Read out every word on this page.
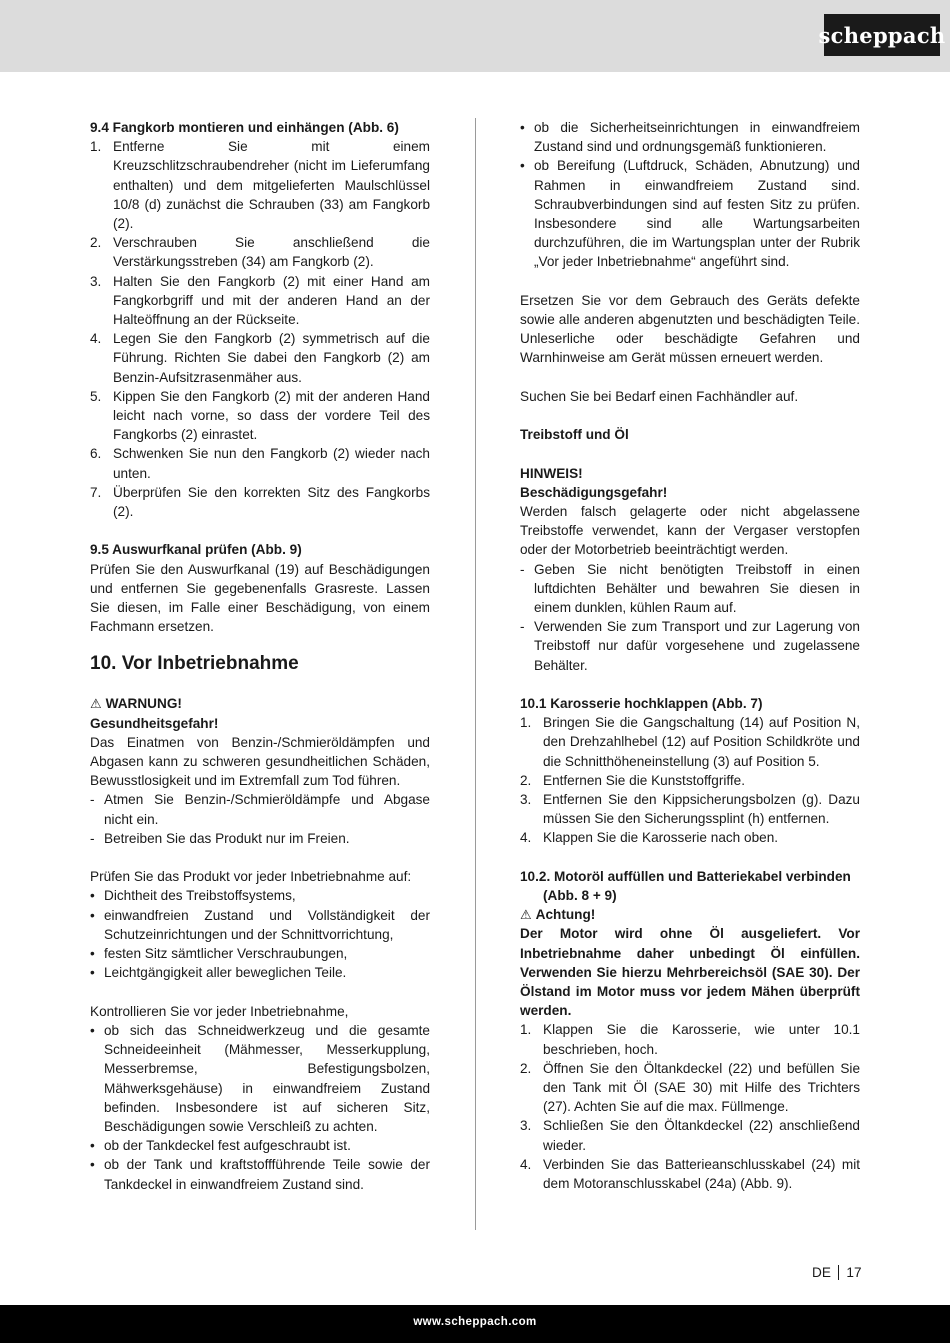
scheppach
9.4 Fangkorb montieren und einhängen (Abb. 6)
1. Entferne Sie mit einem Kreuzschlitzschraubendreher (nicht im Lieferumfang enthalten) und dem mitgelieferten Maulschlüssel 10/8 (d) zunächst die Schrauben (33) am Fangkorb (2).
2. Verschrauben Sie anschließend die Verstärkungsstreben (34) am Fangkorb (2).
3. Halten Sie den Fangkorb (2) mit einer Hand am Fangkorbgriff und mit der anderen Hand an der Halteöffnung an der Rückseite.
4. Legen Sie den Fangkorb (2) symmetrisch auf die Führung. Richten Sie dabei den Fangkorb (2) am Benzin-Aufsitzrasenmäher aus.
5. Kippen Sie den Fangkorb (2) mit der anderen Hand leicht nach vorne, so dass der vordere Teil des Fangkorbs (2) einrastet.
6. Schwenken Sie nun den Fangkorb (2) wieder nach unten.
7. Überprüfen Sie den korrekten Sitz des Fangkorbs (2).
9.5 Auswurfkanal prüfen (Abb. 9)

Prüfen Sie den Auswurfkanal (19) auf Beschädigungen und entfernen Sie gegebenenfalls Grasreste. Lassen Sie diesen, im Falle einer Beschädigung, von einem Fachmann ersetzen.

10. Vor Inbetriebnahme
⚠ WARNUNG!
Gesundheitsgefahr!

Das Einatmen von Benzin-/Schmieröldämpfen und Abgasen kann zu schweren gesundheitlichen Schäden, Bewusstlosigkeit und im Extremfall zum Tod führen.

- Atmen Sie Benzin-/Schmieröldämpfe und Abgase nicht ein.
- Betreiben Sie das Produkt nur im Freien.

Prüfen Sie das Produkt vor jeder Inbetriebnahme auf:

• Dichtheit des Treibstoffsystems,
• einwandfreien Zustand und Vollständigkeit der Schutzeinrichtungen und der Schnittvorrichtung,
• festen Sitz sämtlicher Verschraubungen,
• Leichtgängigkeit aller beweglichen Teile.

Kontrollieren Sie vor jeder Inbetriebnahme,

• ob sich das Schneidwerkzeug und die gesamte Schneideeinheit (Mähmesser, Messerkupplung, Messerbremse, Befestigungsbolzen, Mähwerksgehäuse) in einwandfreiem Zustand befinden. Insbesondere ist auf sicheren Sitz, Beschädigungen sowie Verschleiß zu achten.
• ob der Tankdeckel fest aufgeschraubt ist.
• ob der Tank und kraftstoffführende Teile sowie der Tankdeckel in einwandfreiem Zustand sind.
• ob die Sicherheitseinrichtungen in einwandfreiem Zustand sind und ordnungsgemäß funktionieren.
• ob Bereifung (Luftdruck, Schäden, Abnutzung) und Rahmen in einwandfreiem Zustand sind. Schraubverbindungen sind auf festen Sitz zu prüfen. Insbesondere sind alle Wartungsarbeiten durchzuführen, die im Wartungsplan unter der Rubrik „Vor jeder Inbetriebnahme“ angeführt sind.

Ersetzen Sie vor dem Gebrauch des Geräts defekte sowie alle anderen abgenutzten und beschädigten Teile. Unleserliche oder beschädigte Gefahren und Warnhinweise am Gerät müssen erneuert werden.

Suchen Sie bei Bedarf einen Fachhändler auf.

Treibstoff und Öl
HINWEIS!
Beschädigungsgefahr!

Werden falsch gelagerte oder nicht abgelassene Treibstoffe verwendet, kann der Vergaser verstopfen oder der Motorbetrieb beeinträchtigt werden.

- Geben Sie nicht benötigten Treibstoff in einen luftdichten Behälter und bewahren Sie diesen in einem dunklen, kühlen Raum auf.
- Verwenden Sie zum Transport und zur Lagerung von Treibstoff nur dafür vorgesehene und zugelassene Behälter.
10.1 Karosserie hochklappen (Abb. 7)
1. Bringen Sie die Gangschaltung (14) auf Position N, den Drehzahlhebel (12) auf Position Schildkröte und die Schnitthöheneinstellung (3) auf Position 5.
2. Entfernen Sie die Kunststoffgriffe.
3. Entfernen Sie den Kippsicherungsbolzen (g). Dazu müssen Sie den Sicherungssplint (h) entfernen.
4. Klappen Sie die Karosserie nach oben.
10.2. Motoröl auffüllen und Batteriekabel verbinden (Abb. 8 + 9)
⚠ Achtung!

Der Motor wird ohne Öl ausgeliefert. Vor Inbetriebnahme daher unbedingt Öl einfüllen. Verwenden Sie hierzu Mehrbereichsöl (SAE 30). Der Ölstand im Motor muss vor jedem Mähen überprüft werden.

1. Klappen Sie die Karosserie, wie unter 10.1 beschrieben, hoch.
2. Öffnen Sie den Öltankdeckel (22) und befüllen Sie den Tank mit Öl (SAE 30) mit Hilfe des Trichters (27). Achten Sie auf die max. Füllmenge.
3. Schließen Sie den Öltankdeckel (22) anschließend wieder.
4. Verbinden Sie das Batterieanschlusskabel (24) mit dem Motoranschlusskabel (24a) (Abb. 9).
DE 17
www.scheppach.com
